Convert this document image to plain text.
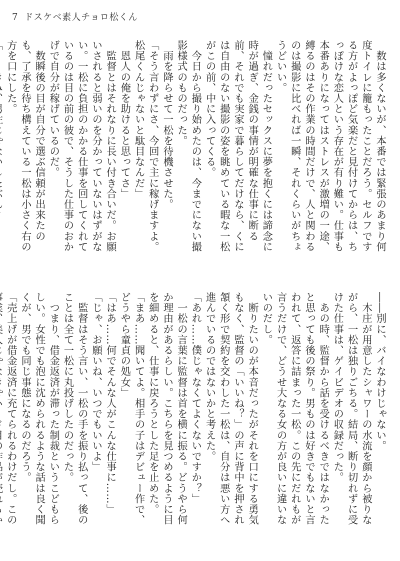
7 ドスケベ素人チョロ松くん

　数は多くないが、本番では緊張のあまり何度トイレに籠もったことだろう。セルフでする方がよっぽど気楽だと見付けてからは、ちっぽけな恋人という存在が有り難い。仕事も本番ありになってはストレスが激増の一途、縛るのはその作業の時間だけで、人と関わるのは撮影に比べれば一瞬、それくらいがちょうどいい。

　憧れだったセックスに夢を抱くには諦念に時が過ぎ、金銭の事情が明確な仕事に断る前、それでも実家で暮らしてだけなら、くには自由のない撮影の姿を眺めている暇な一松がこの前、中に入ってくる。

　今日から撮り始めたのは、今までにない撮影様式のものだった。

　雨を降らせて一松を待機させた。

「そう言わずにさ、今回で主に稼げますよ。松尾くんじゃないと駄目なんだ」

　恩人の俺を助けると思ってさ」

　監督とはそれなりに長い付き合いだ。お願いされると弱いのを分かっていないはずがない。一松に負担のかかる仕事を回してくれているのは目の前の彼で、そうした仕事のおかげで自分が稼げているのだ。

　数瞬後の目が自分で選ぶ信頼が出来たのも、了承を待ち構えている一松は小さく右の方を口にした。

――別に、バイなわけじゃない。

　木庄が用意したシャワーの水流を顔から被りながら、一松は独りごちる。結局、断り切れずに受けた仕事は、ゲイビデオの収録だった。

　あの時、監督から話を受けるべきではなかったと思っても後の祭り。男ものは好きでもないと言われて、返答に詰まった一松。この先にだれもが言うだけで、どうせ大なる女の方が良いに違いないのだし。

　断りたいのが本音だったがそれを口にする勇気もなく、監督の「いいね？」の声に背中を押され頷く形で契約を交わした一松は、自分は悪い方へ進んでいるのではないかと考えた。

「あれ……僕じゃなくてよくないですか？」

　一松の言葉に監督は首を横に振る。どうやら何か理由があるらしい。こちらを見つめるように目を細めると、仕事に戻ろうとした足を止めた。

「まあ……聞いてよ。相手の子はデビュー作で、どうやら童貞の処女」

「はあ……何でそんな人がこんな仕事に……」

「じゃ、お願いね、いつでもいいよ」

　監督はそう言い、一松の手を振り払って、後のことは全て一松に丸投げしたのだった。

　つまり、借金返済が滞った制裁というこどもらしい。女性でも泡に沈められるような話は良く聞くが、男でも同じ事態になるのだろう。

「売上げが借金返済に充てられるわけだし。この
